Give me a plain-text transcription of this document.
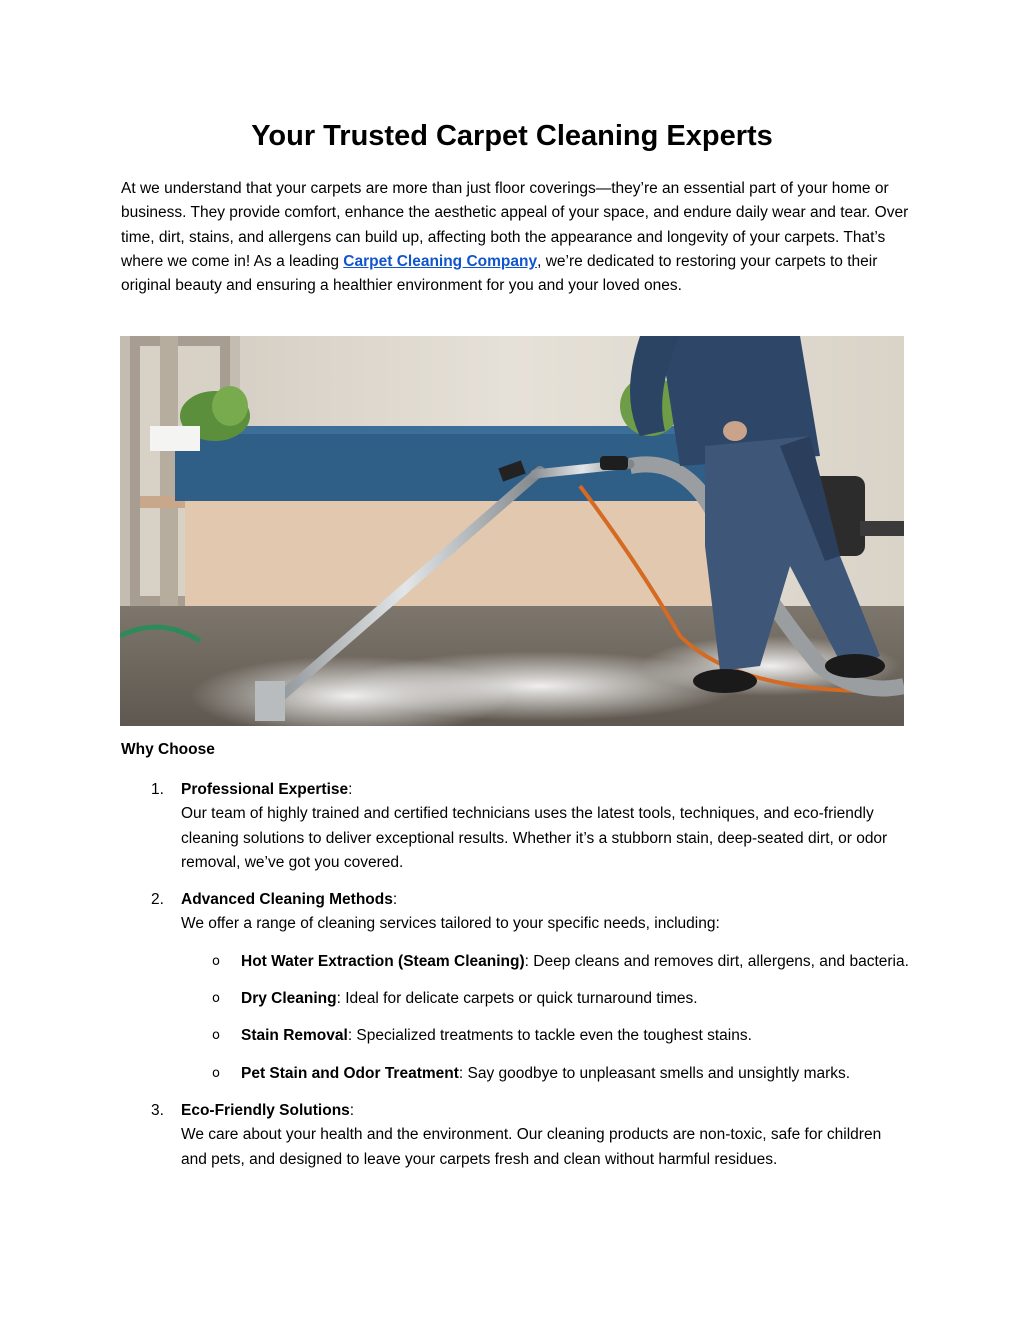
Your Trusted Carpet Cleaning Experts

At we understand that your carpets are more than just floor coverings—they’re an essential part of your home or business. They provide comfort, enhance the aesthetic appeal of your space, and endure daily wear and tear. Over time, dirt, stains, and allergens can build up, affecting both the appearance and longevity of your carpets. That’s where we come in! As a leading Carpet Cleaning Company, we’re dedicated to restoring your carpets to their original beauty and ensuring a healthier environment for you and your loved ones.

Why Choose
1. Professional Expertise:
Our team of highly trained and certified technicians uses the latest tools, techniques, and eco-friendly cleaning solutions to deliver exceptional results. Whether it’s a stubborn stain, deep-seated dirt, or odor removal, we’ve got you covered.
2. Advanced Cleaning Methods:
We offer a range of cleaning services tailored to your specific needs, including:
o Hot Water Extraction (Steam Cleaning): Deep cleans and removes dirt, allergens, and bacteria.
o Dry Cleaning: Ideal for delicate carpets or quick turnaround times.
o Stain Removal: Specialized treatments to tackle even the toughest stains.
o Pet Stain and Odor Treatment: Say goodbye to unpleasant smells and unsightly marks.
3. Eco-Friendly Solutions:
We care about your health and the environment. Our cleaning products are non-toxic, safe for children and pets, and designed to leave your carpets fresh and clean without harmful residues.
